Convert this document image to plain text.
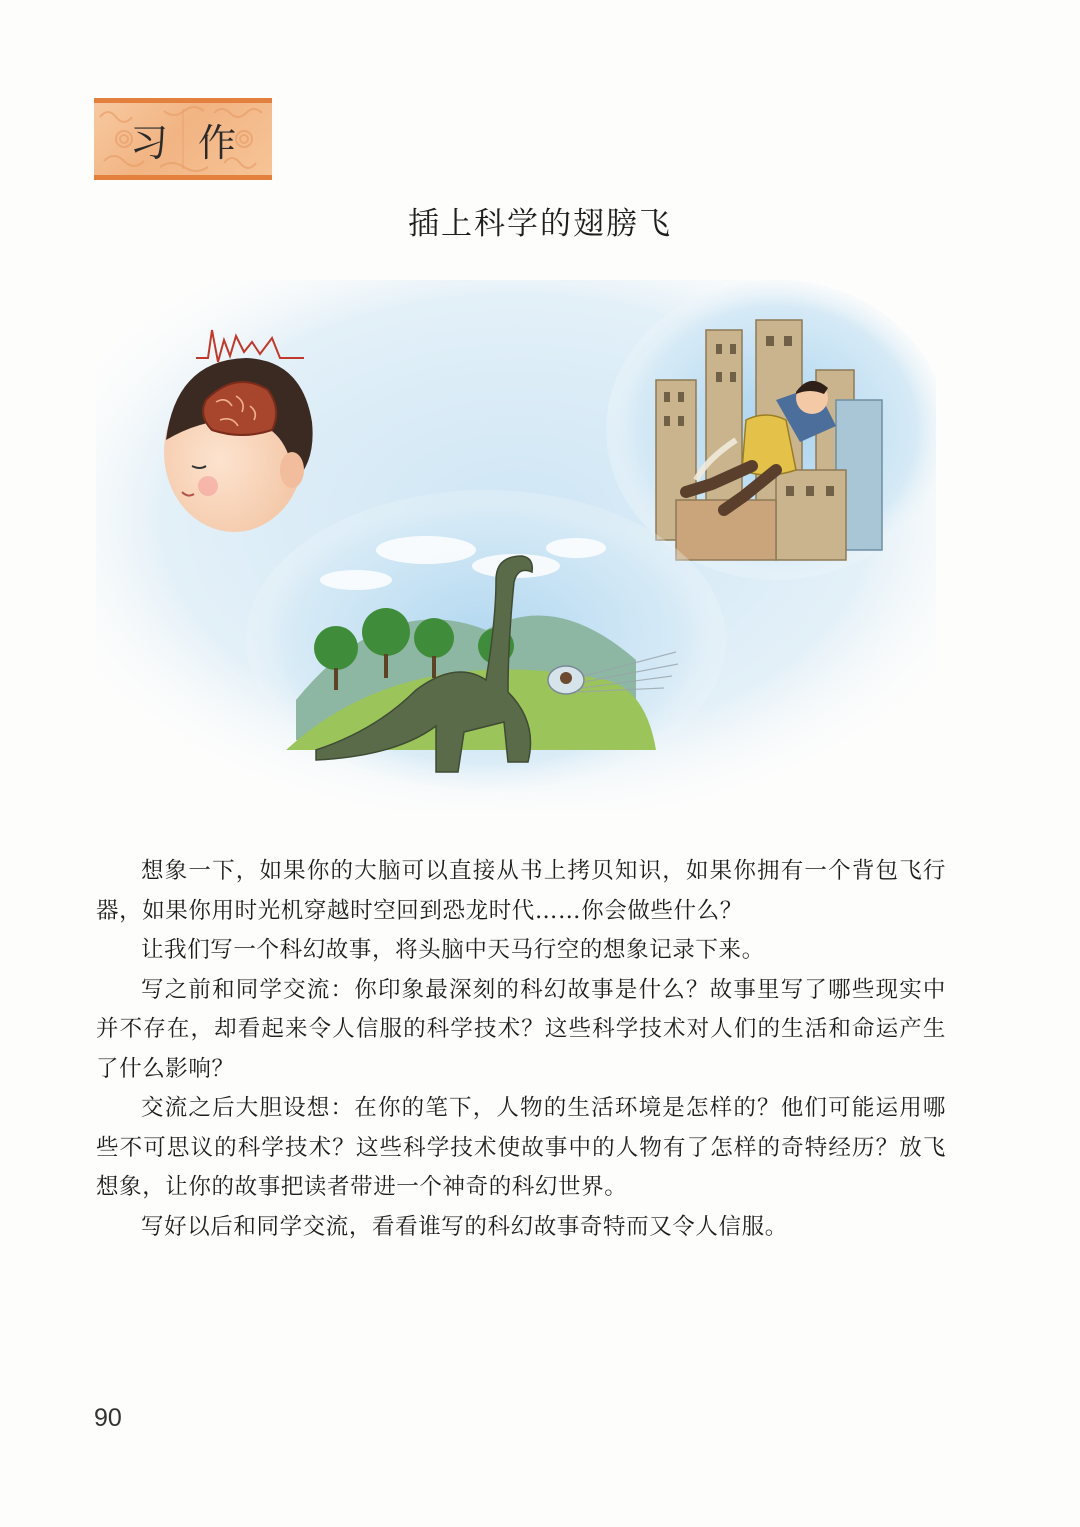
习作
插上科学的翅膀飞

想象一下，如果你的大脑可以直接从书上拷贝知识，如果你拥有一个背包飞行器，如果你用时光机穿越时空回到恐龙时代……你会做些什么？

让我们写一个科幻故事，将头脑中天马行空的想象记录下来。

写之前和同学交流：你印象最深刻的科幻故事是什么？故事里写了哪些现实中并不存在，却看起来令人信服的科学技术？这些科学技术对人们的生活和命运产生了什么影响？

交流之后大胆设想：在你的笔下，人物的生活环境是怎样的？他们可能运用哪些不可思议的科学技术？这些科学技术使故事中的人物有了怎样的奇特经历？放飞想象，让你的故事把读者带进一个神奇的科幻世界。

写好以后和同学交流，看看谁写的科幻故事奇特而又令人信服。

90
